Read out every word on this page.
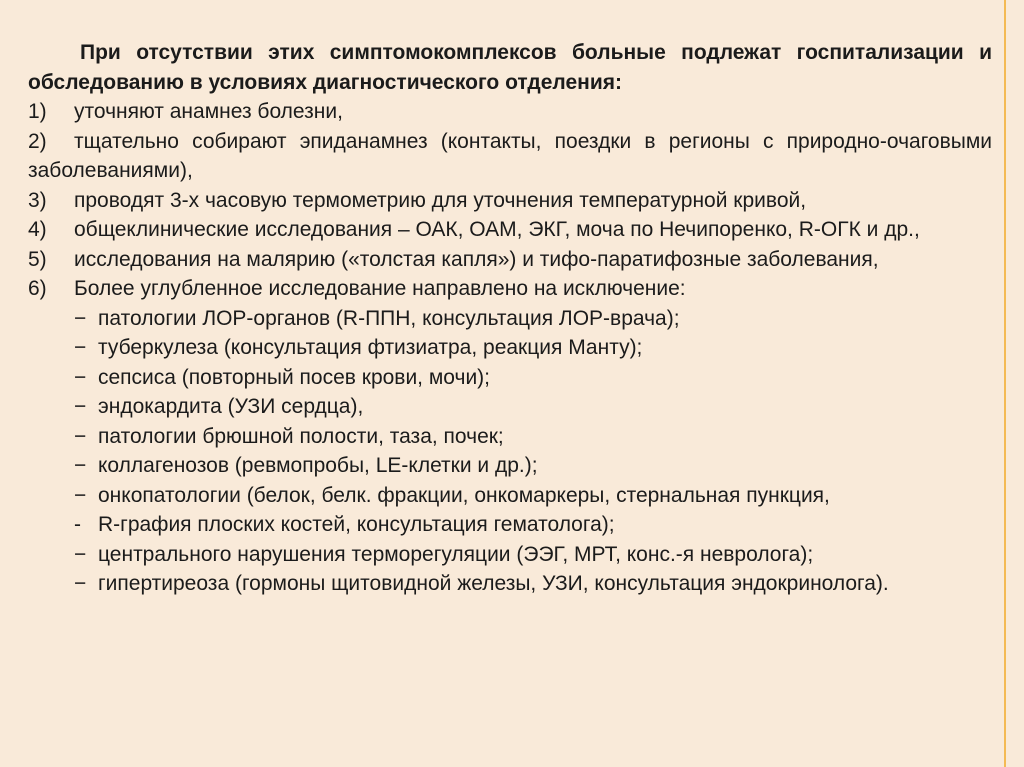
При отсутствии этих симптомокомплексов больные подлежат госпитализации и обследованию в условиях диагностического отделения:

1) уточняют анамнез болезни,

2) тщательно собирают эпиданамнез (контакты, поездки в регионы с природно-очаговыми заболеваниями),

3) проводят 3-х часовую термометрию для уточнения температурной кривой,

4) общеклинические исследования – ОАК, ОАМ, ЭКГ, моча по Нечипоренко, R-ОГК и др.,

5) исследования на малярию («толстая капля») и тифо-паратифозные заболевания,

6) Более углубленное исследование направлено на исключение:

− патологии ЛОР-органов (R-ППН, консультация ЛОР-врача);
− туберкулеза (консультация фтизиатра, реакция Манту);
− сепсиса (повторный посев крови, мочи);
− эндокардита (УЗИ сердца),
− патологии брюшной полости, таза, почек;
− коллагенозов (ревмопробы, LE-клетки и др.);
− онкопатологии (белок, белк. фракции, онкомаркеры, стернальная пункция,
- R-графия плоских костей, консультация гематолога);
− центрального нарушения терморегуляции (ЭЭГ, МРТ, конс.-я невролога);
− гипертиреоза (гормоны щитовидной железы, УЗИ, консультация эндокринолога).
